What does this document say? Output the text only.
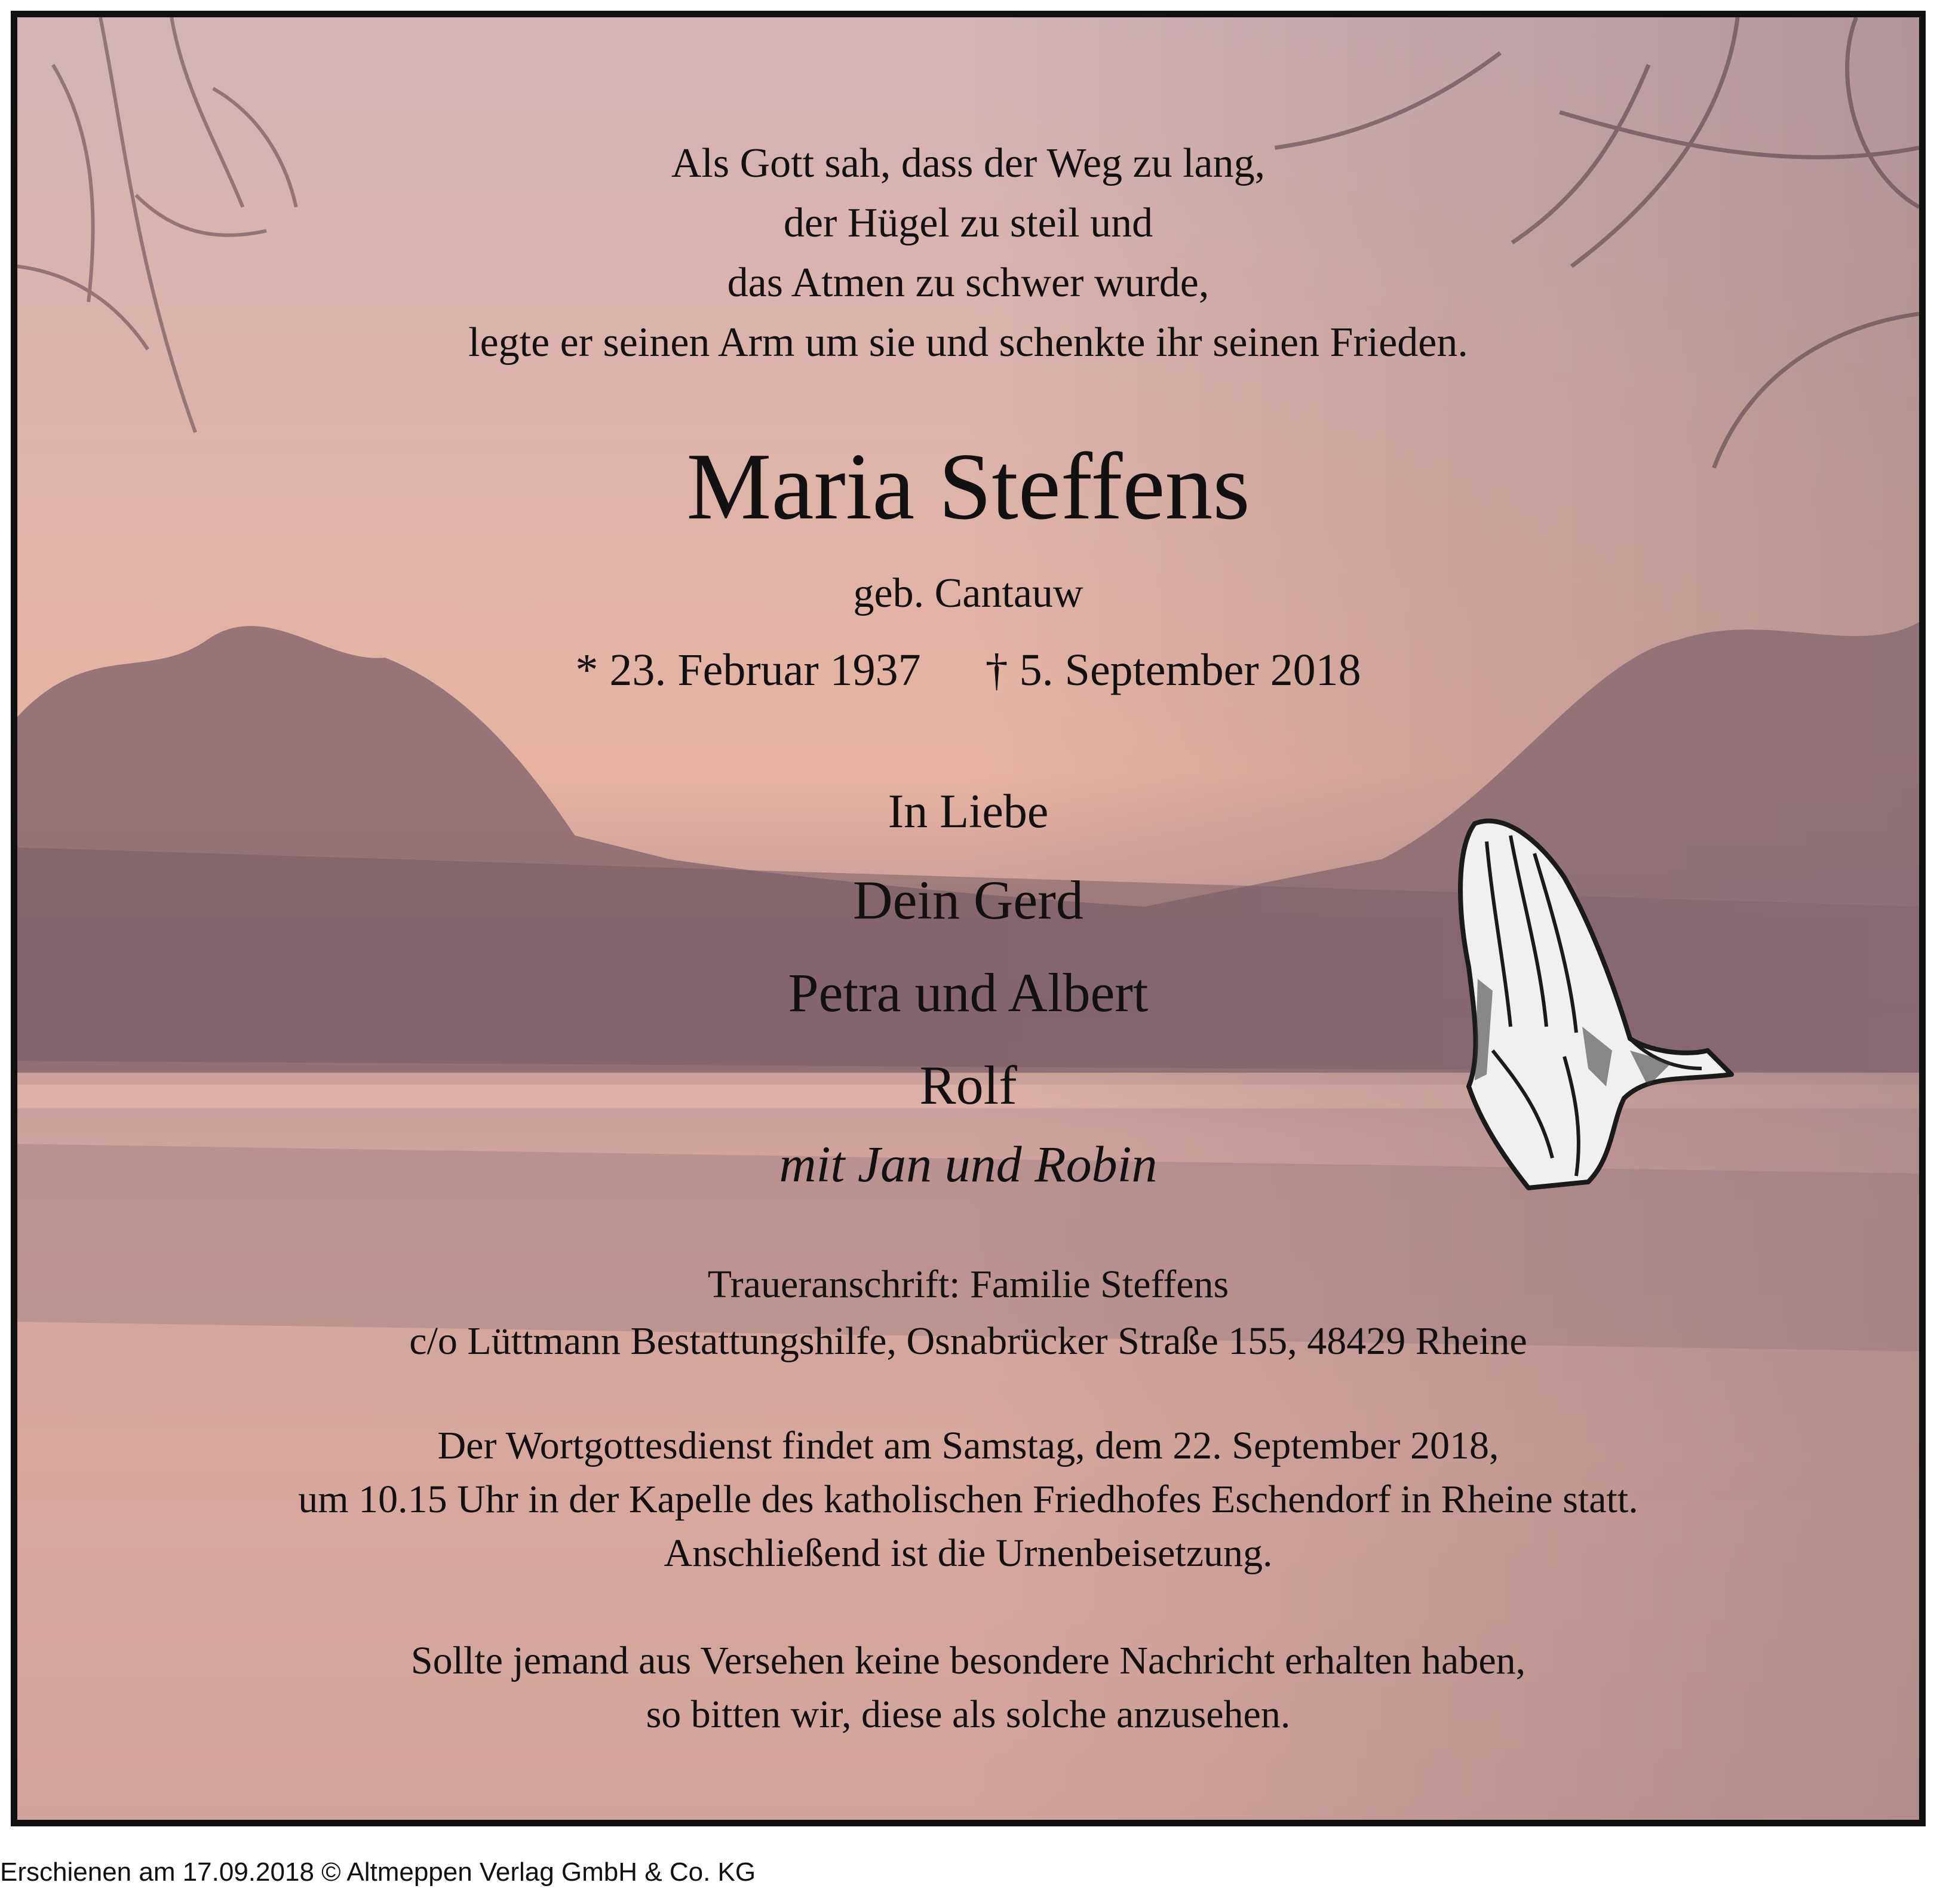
Als Gott sah, dass der Weg zu lang,
der Hügel zu steil und
das Atmen zu schwer wurde,
legte er seinen Arm um sie und schenkte ihr seinen Frieden.
Maria Steffens
geb. Cantauw
* 23. Februar 1937 † 5. September 2018
In Liebe
Dein Gerd
Petra und Albert
Rolf
mit Jan und Robin
Traueranschrift: Familie Steffens
c/o Lüttmann Bestattungshilfe, Osnabrücker Straße 155, 48429 Rheine
Der Wortgottesdienst findet am Samstag, dem 22. September 2018,
um 10.15 Uhr in der Kapelle des katholischen Friedhofes Eschendorf in Rheine statt.
Anschließend ist die Urnenbeisetzung.
Sollte jemand aus Versehen keine besondere Nachricht erhalten haben,
so bitten wir, diese als solche anzusehen.
Erschienen am 17.09.2018 © Altmeppen Verlag GmbH & Co. KG
